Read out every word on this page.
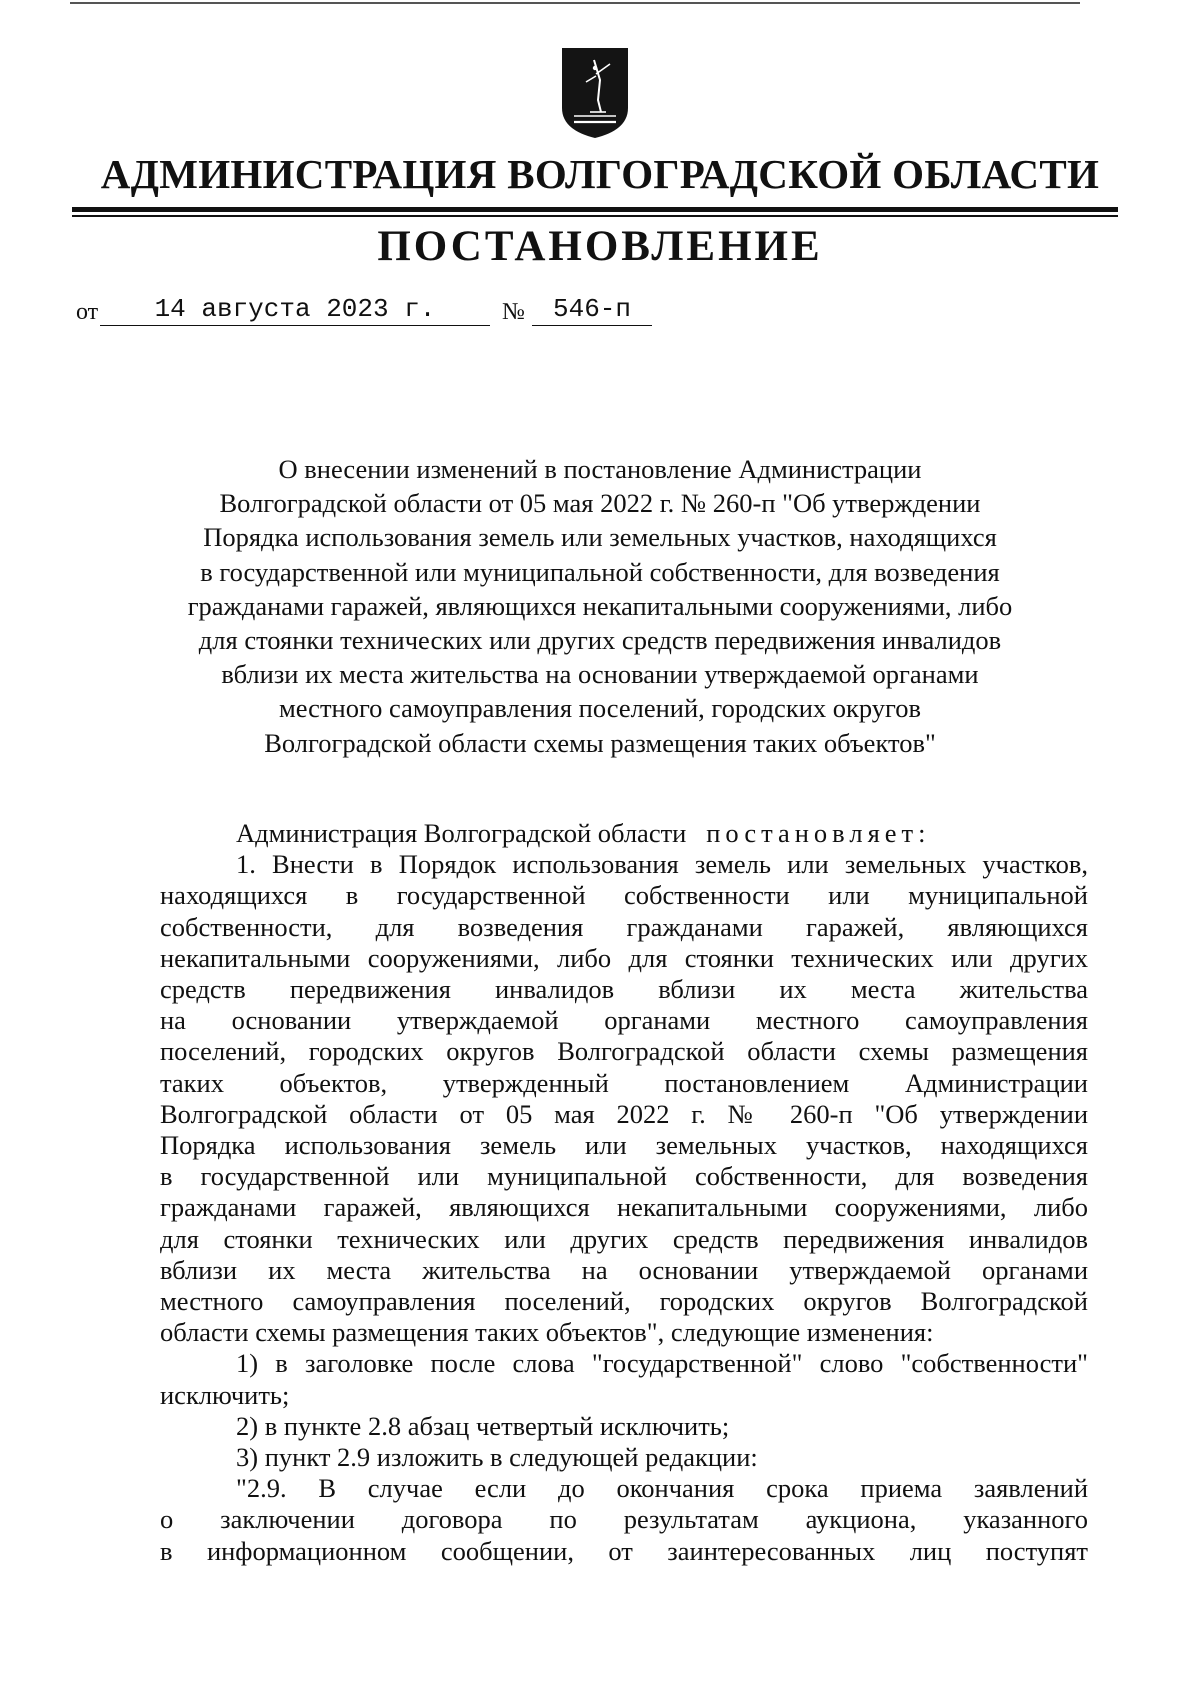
АДМИНИСТРАЦИЯ ВОЛГОГРАДСКОЙ ОБЛАСТИ
ПОСТАНОВЛЕНИЕ
от	14 августа 2023 г.	№	546-п
О внесении изменений в постановление Администрации
Волгоградской области от 05 мая 2022 г. № 260-п "Об утверждении
Порядка использования земель или земельных участков, находящихся
в государственной или муниципальной собственности, для возведения
гражданами гаражей, являющихся некапитальными сооружениями, либо
для стоянки технических или других средств передвижения инвалидов
вблизи их места жительства на основании утверждаемой органами
местного самоуправления поселений, городских округов
Волгоградской области схемы размещения таких объектов"

Администрация Волгоградской области постановляет:

1. Внести в Порядок использования земель или земельных участков,

находящихся в государственной собственности или муниципальной

собственности, для возведения гражданами гаражей, являющихся

некапитальными сооружениями, либо для стоянки технических или других

средств передвижения инвалидов вблизи их места жительства

на основании утверждаемой органами местного самоуправления

поселений, городских округов Волгоградской области схемы размещения

таких объектов, утвержденный постановлением Администрации

Волгоградской области от 05 мая 2022 г. № 260-п "Об утверждении

Порядка использования земель или земельных участков, находящихся

в государственной или муниципальной собственности, для возведения

гражданами гаражей, являющихся некапитальными сооружениями, либо

для стоянки технических или других средств передвижения инвалидов

вблизи их места жительства на основании утверждаемой органами

местного самоуправления поселений, городских округов Волгоградской

области схемы размещения таких объектов", следующие изменения:

1) в заголовке после слова "государственной" слово "собственности"

исключить;

2) в пункте 2.8 абзац четвертый исключить;

3) пункт 2.9 изложить в следующей редакции:

"2.9. В случае если до окончания срока приема заявлений

о заключении договора по результатам аукциона, указанного

в информационном сообщении, от заинтересованных лиц поступят
